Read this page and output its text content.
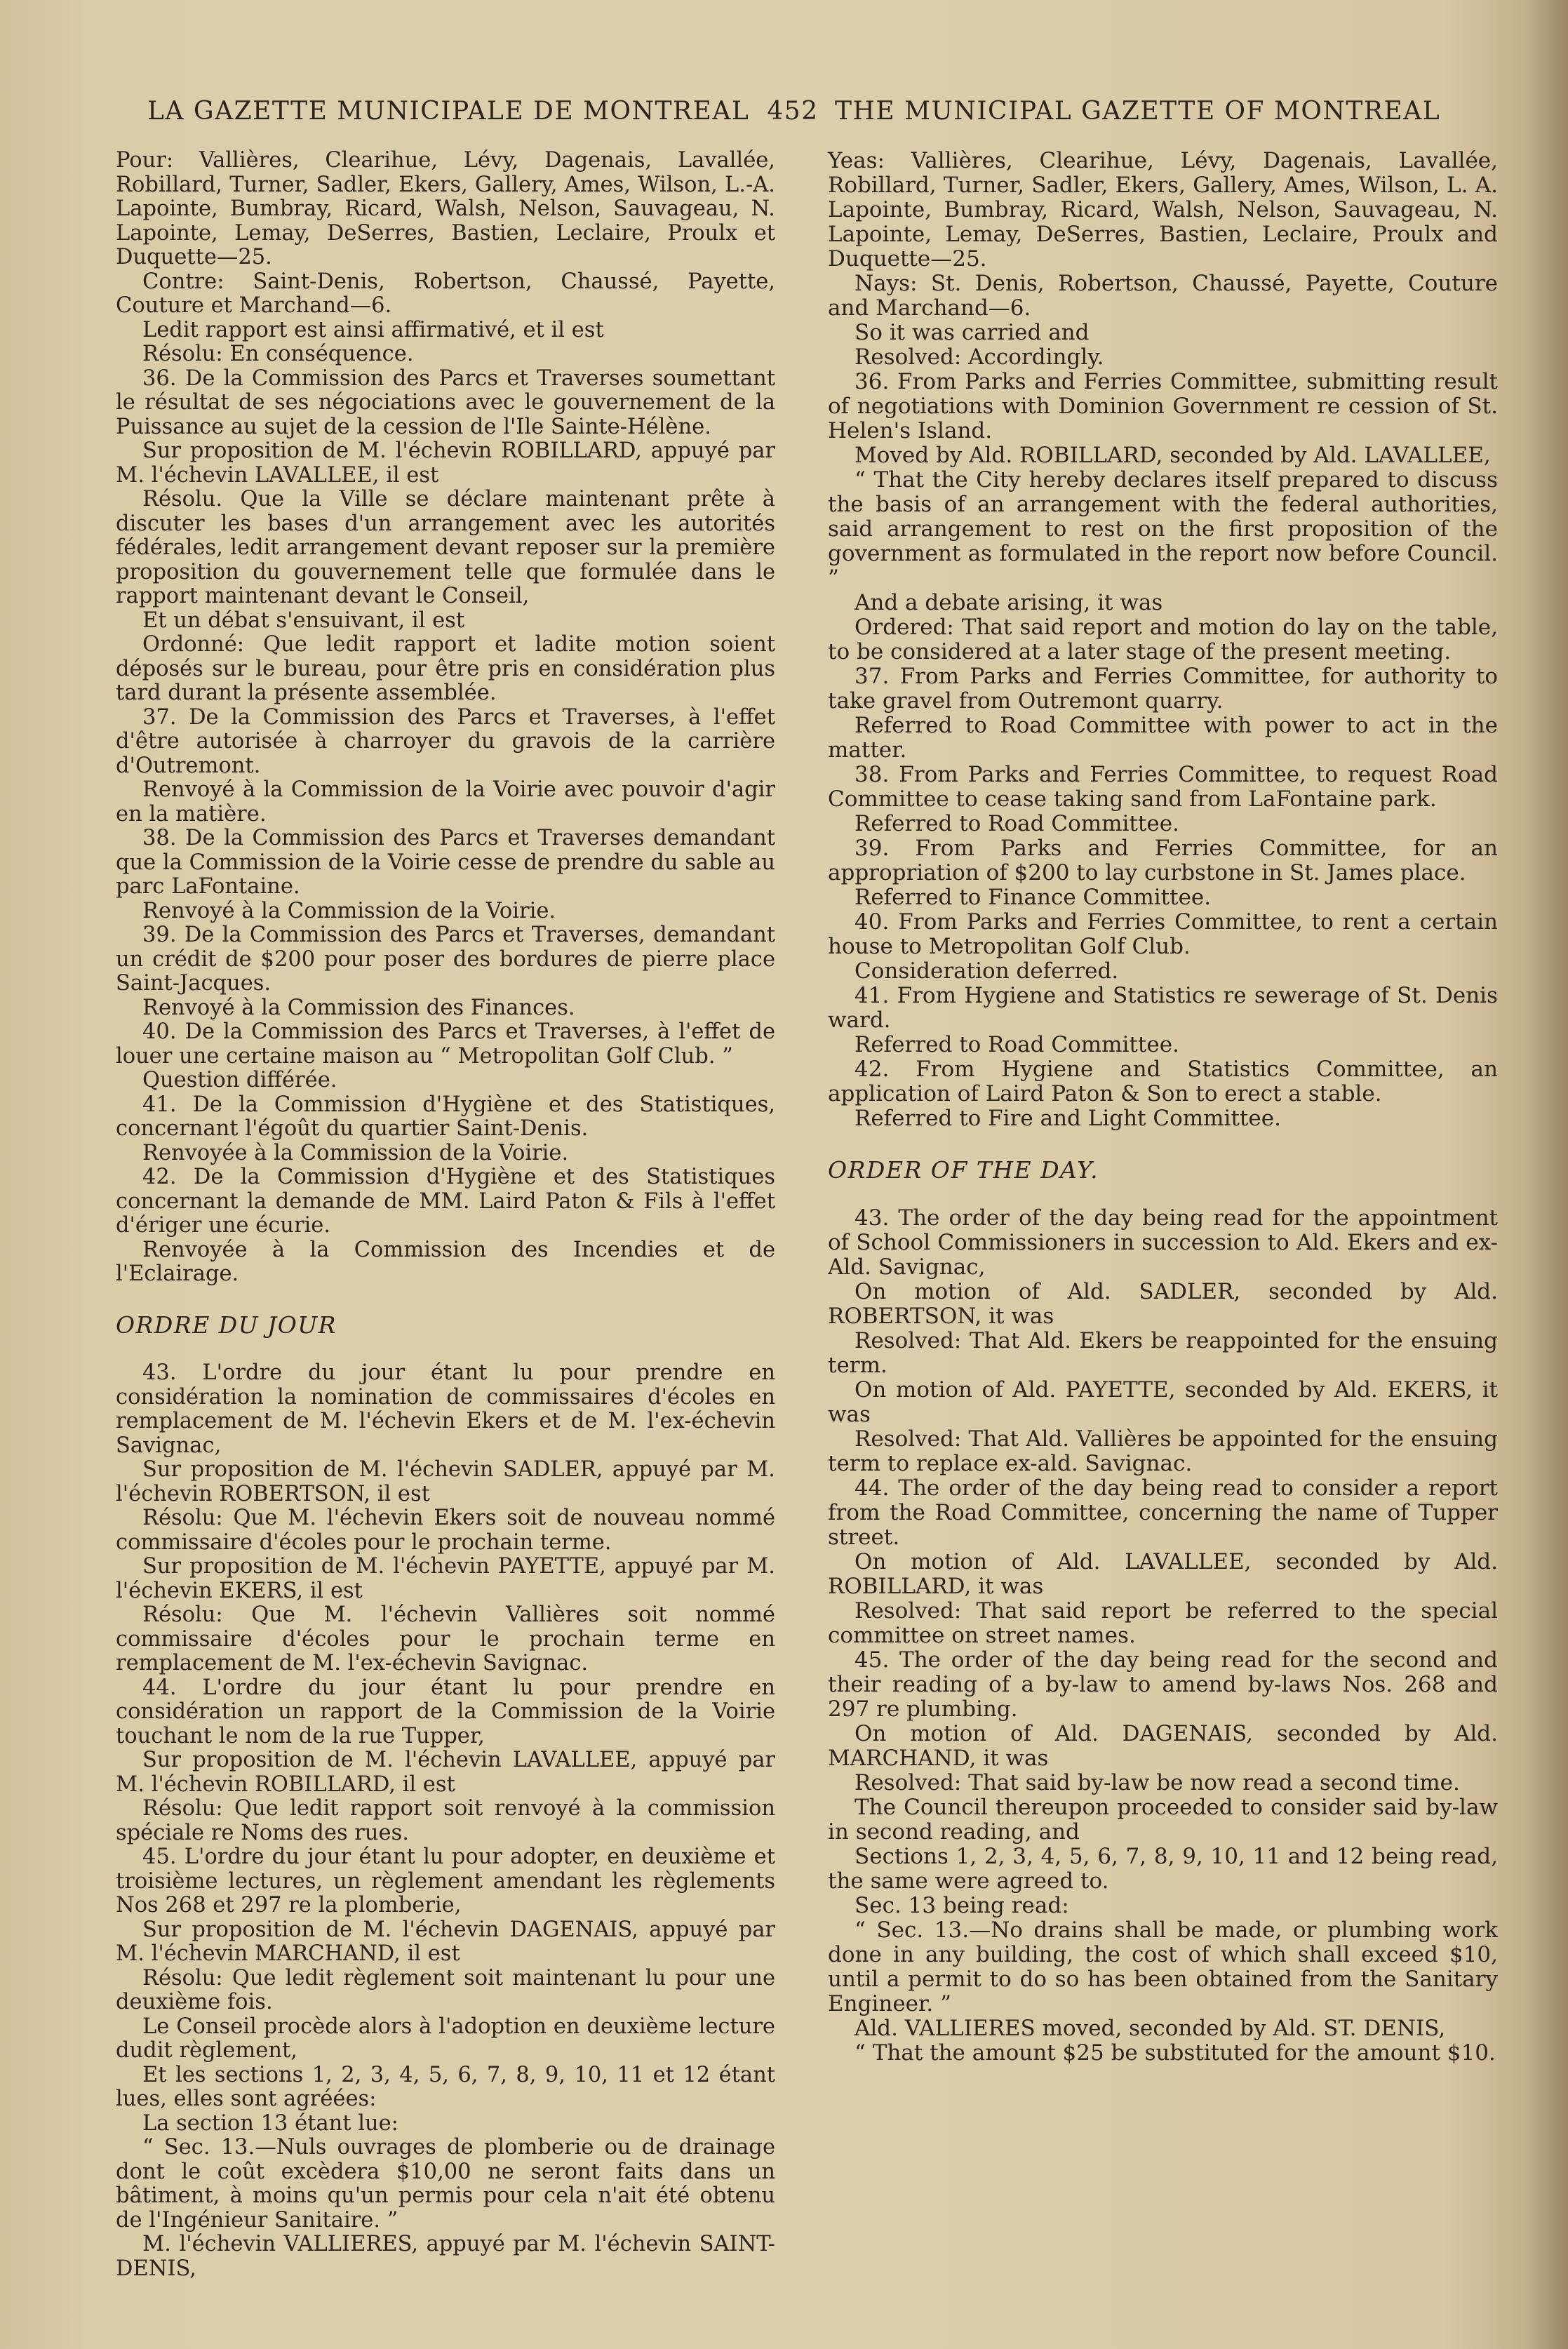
LA GAZETTE MUNICIPALE DE MONTREAL 452 THE MUNICIPAL GAZETTE OF MONTREAL

Pour: Vallières, Clearihue, Lévy, Dagenais, Lavallée, Robillard, Turner, Sadler, Ekers, Gallery, Ames, Wilson, L.-A. Lapointe, Bumbray, Ricard, Walsh, Nelson, Sauvageau, N. Lapointe, Lemay, DeSerres, Bastien, Leclaire, Proulx et Duquette—25.

Contre: Saint-Denis, Robertson, Chaussé, Payette, Couture et Marchand—6.

Ledit rapport est ainsi affirmativé, et il est

Résolu: En conséquence.

36. De la Commission des Parcs et Traverses soumettant le résultat de ses négociations avec le gouvernement de la Puissance au sujet de la cession de l'Ile Sainte-Hélène.

Sur proposition de M. l'échevin ROBILLARD, appuyé par M. l'échevin LAVALLEE, il est

Résolu. Que la Ville se déclare maintenant prête à discuter les bases d'un arrangement avec les autorités fédérales, ledit arrangement devant reposer sur la première proposition du gouvernement telle que formulée dans le rapport maintenant devant le Conseil,

Et un débat s'ensuivant, il est

Ordonné: Que ledit rapport et ladite motion soient déposés sur le bureau, pour être pris en considération plus tard durant la présente assemblée.

37. De la Commission des Parcs et Traverses, à l'effet d'être autorisée à charroyer du gravois de la carrière d'Outremont.

Renvoyé à la Commission de la Voirie avec pouvoir d'agir en la matière.

38. De la Commission des Parcs et Traverses demandant que la Commission de la Voirie cesse de prendre du sable au parc LaFontaine.

Renvoyé à la Commission de la Voirie.

39. De la Commission des Parcs et Traverses, demandant un crédit de $200 pour poser des bordures de pierre place Saint-Jacques.

Renvoyé à la Commission des Finances.

40. De la Commission des Parcs et Traverses, à l'effet de louer une certaine maison au “ Metropolitan Golf Club. ”

Question différée.

41. De la Commission d'Hygiène et des Statistiques, concernant l'égoût du quartier Saint-Denis.

Renvoyée à la Commission de la Voirie.

42. De la Commission d'Hygiène et des Statistiques concernant la demande de MM. Laird Paton & Fils à l'effet d'ériger une écurie.

Renvoyée à la Commission des Incendies et de l'Eclairage.

ORDRE DU JOUR

43. L'ordre du jour étant lu pour prendre en considération la nomination de commissaires d'écoles en remplacement de M. l'échevin Ekers et de M. l'ex-échevin Savignac,

Sur proposition de M. l'échevin SADLER, appuyé par M. l'échevin ROBERTSON, il est

Résolu: Que M. l'échevin Ekers soit de nouveau nommé commissaire d'écoles pour le prochain terme.

Sur proposition de M. l'échevin PAYETTE, appuyé par M. l'échevin EKERS, il est

Résolu: Que M. l'échevin Vallières soit nommé commissaire d'écoles pour le prochain terme en remplacement de M. l'ex-échevin Savignac.

44. L'ordre du jour étant lu pour prendre en considération un rapport de la Commission de la Voirie touchant le nom de la rue Tupper,

Sur proposition de M. l'échevin LAVALLEE, appuyé par M. l'échevin ROBILLARD, il est

Résolu: Que ledit rapport soit renvoyé à la commission spéciale re Noms des rues.

45. L'ordre du jour étant lu pour adopter, en deuxième et troisième lectures, un règlement amendant les règlements Nos 268 et 297 re la plomberie,

Sur proposition de M. l'échevin DAGENAIS, appuyé par M. l'échevin MARCHAND, il est

Résolu: Que ledit règlement soit maintenant lu pour une deuxième fois.

Le Conseil procède alors à l'adoption en deuxième lecture dudit règlement,

Et les sections 1, 2, 3, 4, 5, 6, 7, 8, 9, 10, 11 et 12 étant lues, elles sont agréées:

La section 13 étant lue:

“ Sec. 13.—Nuls ouvrages de plomberie ou de drainage dont le coût excèdera $10,00 ne seront faits dans un bâtiment, à moins qu'un permis pour cela n'ait été obtenu de l'Ingénieur Sanitaire. ”

M. l'échevin VALLIERES, appuyé par M. l'échevin SAINT-DENIS,

Yeas: Vallières, Clearihue, Lévy, Dagenais, Lavallée, Robillard, Turner, Sadler, Ekers, Gallery, Ames, Wilson, L. A. Lapointe, Bumbray, Ricard, Walsh, Nelson, Sauvageau, N. Lapointe, Lemay, DeSerres, Bastien, Leclaire, Proulx and Duquette—25.

Nays: St. Denis, Robertson, Chaussé, Payette, Couture and Marchand—6.

So it was carried and

Resolved: Accordingly.

36. From Parks and Ferries Committee, submitting result of negotiations with Dominion Government re cession of St. Helen's Island.

Moved by Ald. ROBILLARD, seconded by Ald. LAVALLEE,

“ That the City hereby declares itself prepared to discuss the basis of an arrangement with the federal authorities, said arrangement to rest on the first proposition of the government as formulated in the report now before Council. ”

And a debate arising, it was

Ordered: That said report and motion do lay on the table, to be considered at a later stage of the present meeting.

37. From Parks and Ferries Committee, for authority to take gravel from Outremont quarry.

Referred to Road Committee with power to act in the matter.

38. From Parks and Ferries Committee, to request Road Committee to cease taking sand from LaFontaine park.

Referred to Road Committee.

39. From Parks and Ferries Committee, for an appropriation of $200 to lay curbstone in St. James place.

Referred to Finance Committee.

40. From Parks and Ferries Committee, to rent a certain house to Metropolitan Golf Club.

Consideration deferred.

41. From Hygiene and Statistics re sewerage of St. Denis ward.

Referred to Road Committee.

42. From Hygiene and Statistics Committee, an application of Laird Paton & Son to erect a stable.

Referred to Fire and Light Committee.

ORDER OF THE DAY.

43. The order of the day being read for the appointment of School Commissioners in succession to Ald. Ekers and ex-Ald. Savignac,

On motion of Ald. SADLER, seconded by Ald. ROBERTSON, it was

Resolved: That Ald. Ekers be reappointed for the ensuing term.

On motion of Ald. PAYETTE, seconded by Ald. EKERS, it was

Resolved: That Ald. Vallières be appointed for the ensuing term to replace ex-ald. Savignac.

44. The order of the day being read to consider a report from the Road Committee, concerning the name of Tupper street.

On motion of Ald. LAVALLEE, seconded by Ald. ROBILLARD, it was

Resolved: That said report be referred to the special committee on street names.

45. The order of the day being read for the second and their reading of a by-law to amend by-laws Nos. 268 and 297 re plumbing.

On motion of Ald. DAGENAIS, seconded by Ald. MARCHAND, it was

Resolved: That said by-law be now read a second time.

The Council thereupon proceeded to consider said by-law in second reading, and

Sections 1, 2, 3, 4, 5, 6, 7, 8, 9, 10, 11 and 12 being read, the same were agreed to.

Sec. 13 being read:

“ Sec. 13.—No drains shall be made, or plumbing work done in any building, the cost of which shall exceed $10, until a permit to do so has been obtained from the Sanitary Engineer. ”

Ald. VALLIERES moved, seconded by Ald. ST. DENIS,

“ That the amount $25 be substituted for the amount $10.
